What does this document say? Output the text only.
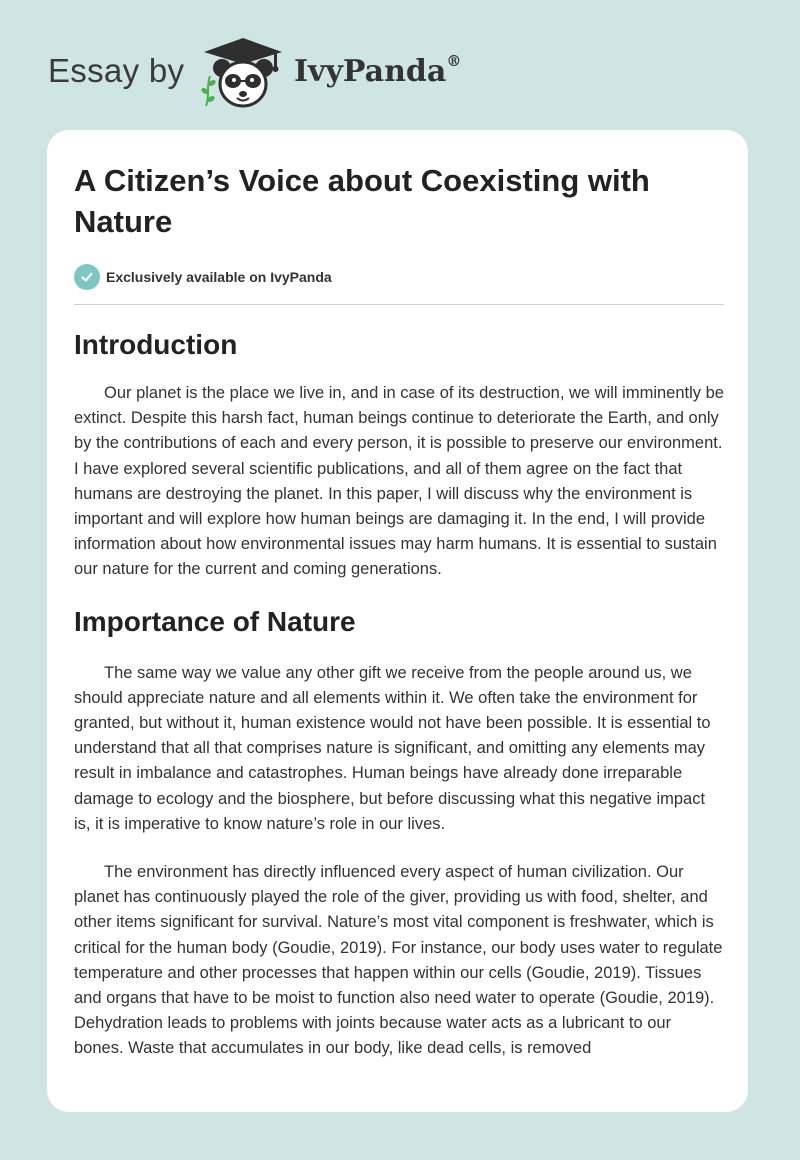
Essay by	IvyPanda®
A Citizen’s Voice about Coexisting with Nature
Exclusively available on IvyPanda
Introduction

Our planet is the place we live in, and in case of its destruction, we will imminently be extinct. Despite this harsh fact, human beings continue to deteriorate the Earth, and only by the contributions of each and every person, it is possible to preserve our environment. I have explored several scientific publications, and all of them agree on the fact that humans are destroying the planet. In this paper, I will discuss why the environment is important and will explore how human beings are damaging it. In the end, I will provide information about how environmental issues may harm humans. It is essential to sustain our nature for the current and coming generations.

Importance of Nature

The same way we value any other gift we receive from the people around us, we should appreciate nature and all elements within it. We often take the environment for granted, but without it, human existence would not have been possible. It is essential to understand that all that comprises nature is significant, and omitting any elements may result in imbalance and catastrophes. Human beings have already done irreparable damage to ecology and the biosphere, but before discussing what this negative impact is, it is imperative to know nature’s role in our lives.

The environment has directly influenced every aspect of human civilization. Our planet has continuously played the role of the giver, providing us with food, shelter, and other items significant for survival. Nature’s most vital component is freshwater, which is critical for the human body (Goudie, 2019). For instance, our body uses water to regulate temperature and other processes that happen within our cells (Goudie, 2019). Tissues and organs that have to be moist to function also need water to operate (Goudie, 2019). Dehydration leads to problems with joints because water acts as a lubricant to our bones. Waste that accumulates in our body, like dead cells, is removed
